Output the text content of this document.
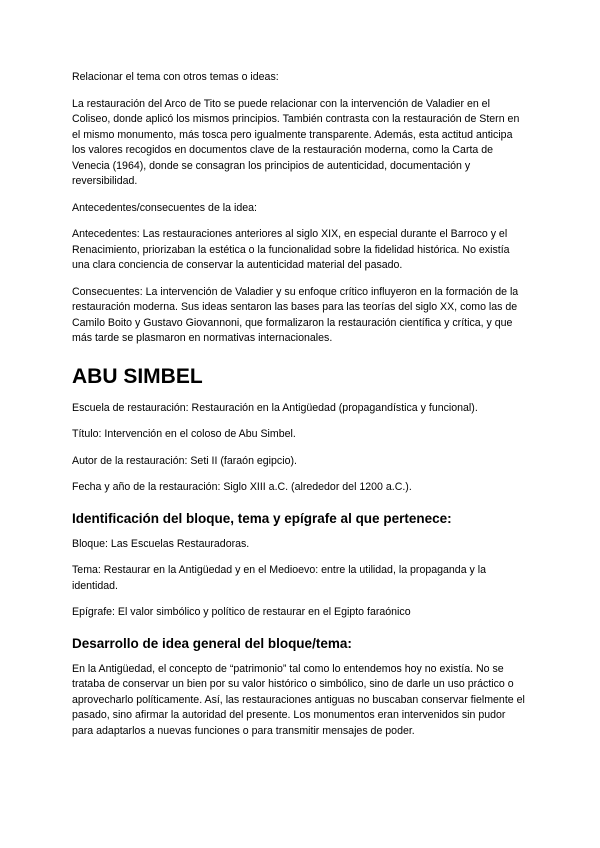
Relacionar el tema con otros temas o ideas:

La restauración del Arco de Tito se puede relacionar con la intervención de Valadier en el Coliseo, donde aplicó los mismos principios. También contrasta con la restauración de Stern en el mismo monumento, más tosca pero igualmente transparente. Además, esta actitud anticipa los valores recogidos en documentos clave de la restauración moderna, como la Carta de Venecia (1964), donde se consagran los principios de autenticidad, documentación y reversibilidad.

Antecedentes/consecuentes de la idea:

Antecedentes: Las restauraciones anteriores al siglo XIX, en especial durante el Barroco y el Renacimiento, priorizaban la estética o la funcionalidad sobre la fidelidad histórica. No existía una clara conciencia de conservar la autenticidad material del pasado.

Consecuentes: La intervención de Valadier y su enfoque crítico influyeron en la formación de la restauración moderna. Sus ideas sentaron las bases para las teorías del siglo XX, como las de Camilo Boito y Gustavo Giovannoni, que formalizaron la restauración científica y crítica, y que más tarde se plasmaron en normativas internacionales.

ABU SIMBEL

Escuela de restauración: Restauración en la Antigüedad (propagandística y funcional).

Título: Intervención en el coloso de Abu Simbel.

Autor de la restauración: Seti II (faraón egipcio).

Fecha y año de la restauración: Siglo XIII a.C. (alrededor del 1200 a.C.).

Identificación del bloque, tema y epígrafe al que pertenece:

Bloque: Las Escuelas Restauradoras.

Tema: Restaurar en la Antigüedad y en el Medioevo: entre la utilidad, la propaganda y la identidad.

Epígrafe: El valor simbólico y político de restaurar en el Egipto faraónico

Desarrollo de idea general del bloque/tema:

En la Antigüedad, el concepto de “patrimonio” tal como lo entendemos hoy no existía. No se trataba de conservar un bien por su valor histórico o simbólico, sino de darle un uso práctico o aprovecharlo políticamente. Así, las restauraciones antiguas no buscaban conservar fielmente el pasado, sino afirmar la autoridad del presente. Los monumentos eran intervenidos sin pudor para adaptarlos a nuevas funciones o para transmitir mensajes de poder.
